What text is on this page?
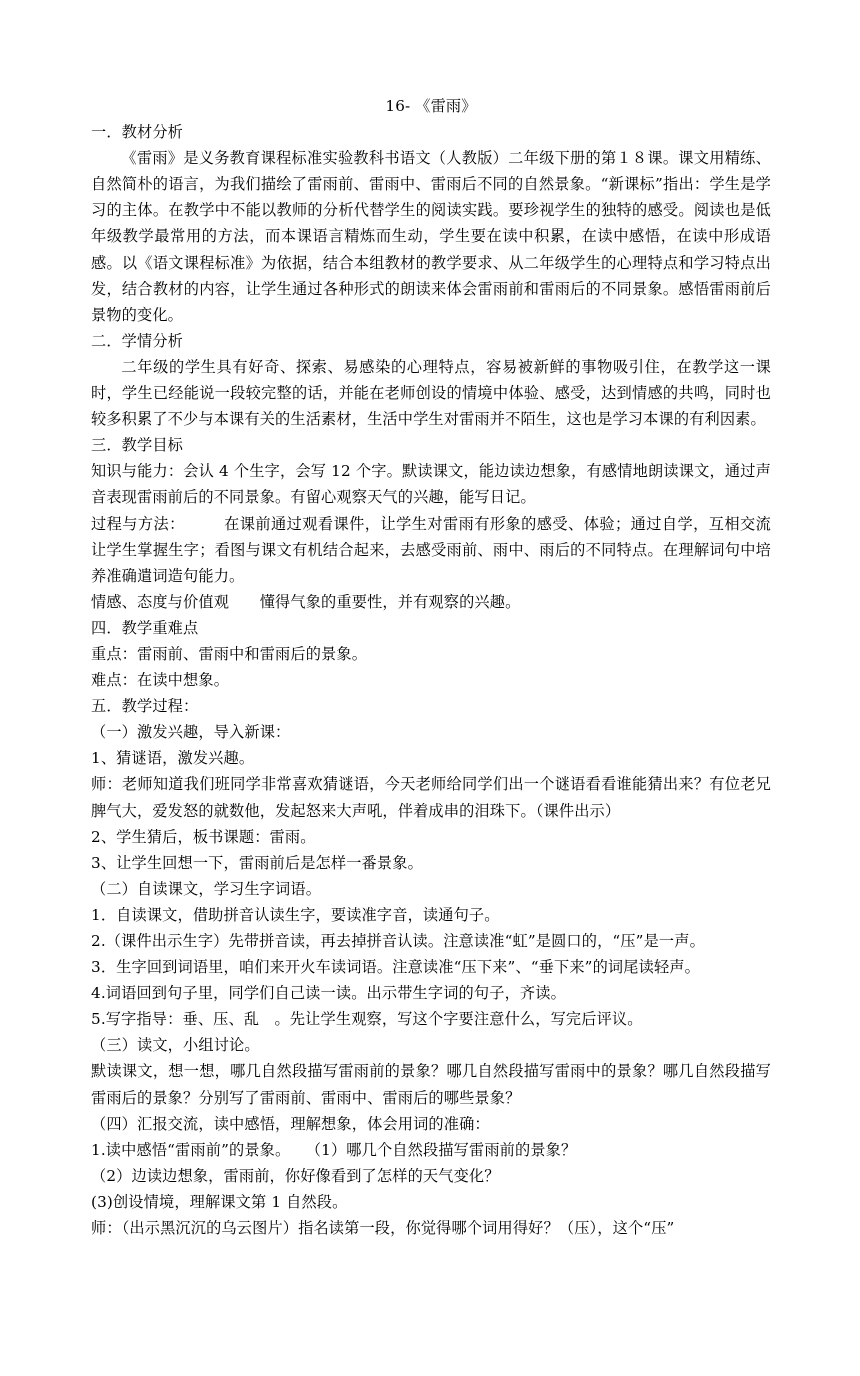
16- 《雷雨》

一．教材分析

《雷雨》是义务教育课程标准实验教科书语文（人教版）二年级下册的第１８课。课文用精练、自然简朴的语言，为我们描绘了雷雨前、雷雨中、雷雨后不同的自然景象。“新课标”指出：学生是学习的主体。在教学中不能以教师的分析代替学生的阅读实践。要珍视学生的独特的感受。阅读也是低年级教学最常用的方法，而本课语言精炼而生动，学生要在读中积累，在读中感悟，在读中形成语感。以《语文课程标准》为依据，结合本组教材的教学要求、从二年级学生的心理特点和学习特点出发，结合教材的内容，让学生通过各种形式的朗读来体会雷雨前和雷雨后的不同景象。感悟雷雨前后景物的变化。

二．学情分析

二年级的学生具有好奇、探索、易感染的心理特点，容易被新鲜的事物吸引住，在教学这一课时，学生已经能说一段较完整的话，并能在老师创设的情境中体验、感受，达到情感的共鸣，同时也较多积累了不少与本课有关的生活素材，生活中学生对雷雨并不陌生，这也是学习本课的有利因素。

三．教学目标

知识与能力：会认 4 个生字，会写 12 个字。默读课文，能边读边想象，有感情地朗读课文，通过声音表现雷雨前后的不同景象。有留心观察天气的兴趣，能写日记。

过程与方法：　　　在课前通过观看课件，让学生对雷雨有形象的感受、体验；通过自学，互相交流让学生掌握生字；看图与课文有机结合起来，去感受雨前、雨中、雨后的不同特点。在理解词句中培养准确遣词造句能力。

情感、态度与价值观　　懂得气象的重要性，并有观察的兴趣。

四．教学重难点

重点：雷雨前、雷雨中和雷雨后的景象。

难点：在读中想象。

五．教学过程：

（一）激发兴趣，导入新课：

1、猜谜语，激发兴趣。

师：老师知道我们班同学非常喜欢猜谜语，今天老师给同学们出一个谜语看看谁能猜出来？有位老兄脾气大，爱发怒的就数他，发起怒来大声吼，伴着成串的泪珠下。（课件出示）

2、学生猜后，板书课题：雷雨。

3、让学生回想一下，雷雨前后是怎样一番景象。

（二）自读课文，学习生字词语。

1．自读课文，借助拼音认读生字，要读准字音，读通句子。

2.（课件出示生字）先带拼音读，再去掉拼音认读。注意读准“虹”是圆口的，“压”是一声。

3．生字回到词语里，咱们来开火车读词语。注意读准“压下来”、“垂下来”的词尾读轻声。

4.词语回到句子里，同学们自己读一读。出示带生字词的句子，齐读。

5.写字指导：垂、压、乱　。先让学生观察，写这个字要注意什么，写完后评议。

（三）读文，小组讨论。

默读课文，想一想，哪几自然段描写雷雨前的景象？哪几自然段描写雷雨中的景象？哪几自然段描写雷雨后的景象？分别写了雷雨前、雷雨中、雷雨后的哪些景象？

（四）汇报交流，读中感悟，理解想象，体会用词的准确：

1.读中感悟“雷雨前”的景象。　　（1）哪几个自然段描写雷雨前的景象？

（2）边读边想象，雷雨前，你好像看到了怎样的天气变化？

(3)创设情境，理解课文第 1 自然段。

师：（出示黑沉沉的乌云图片）指名读第一段，你觉得哪个词用得好？（压），这个“压”
